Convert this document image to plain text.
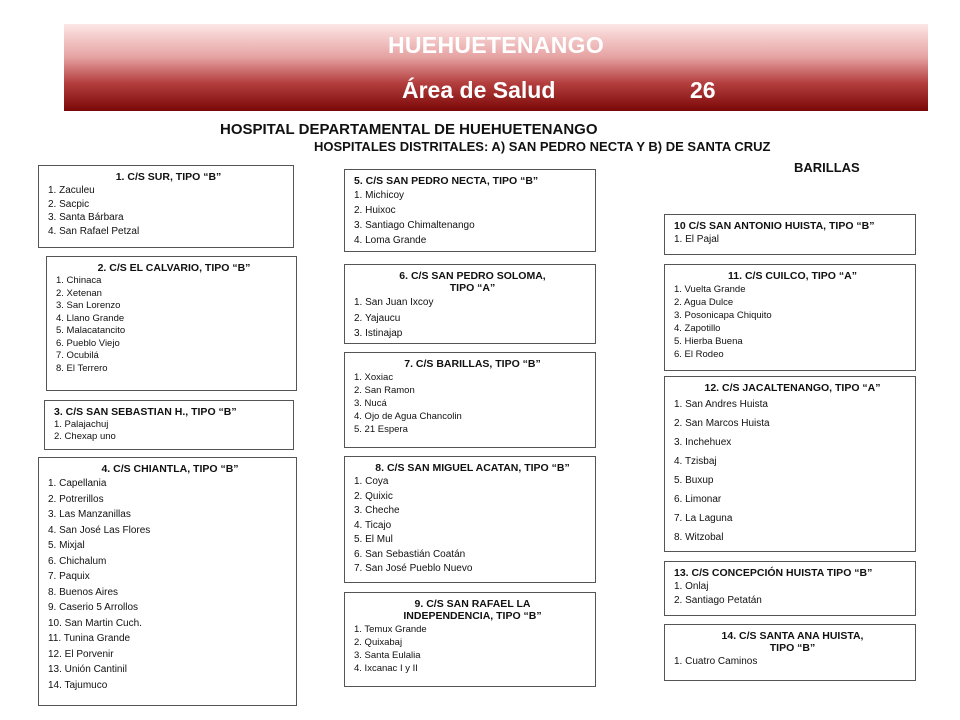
HUEHUETENANGO
Área de Salud	26
HOSPITAL DEPARTAMENTAL DE HUEHUETENANGO
HOSPITALES DISTRITALES: A) SAN PEDRO NECTA Y B) DE SANTA CRUZ
BARILLAS
1. C/S SUR, TIPO “B”
1. Zaculeu
2. Sacpic
3. Santa Bárbara
4. San Rafael Petzal
2. C/S EL CALVARIO, TIPO “B”
1. Chinaca
2. Xetenan
3. San Lorenzo
4. Llano Grande
5. Malacatancito
6. Pueblo Viejo
7. Ocubilá
8. El Terrero
3. C/S SAN SEBASTIAN H., TIPO “B”
1. Palajachuj
2. Chexap uno
4. C/S CHIANTLA, TIPO “B”
1. Capellania
2. Potrerillos
3. Las Manzanillas
4. San José Las Flores
5. Mixjal
6. Chichalum
7. Paquix
8. Buenos Aires
9. Caserio 5 Arrollos
10. San Martin Cuch.
11. Tunina Grande
12. El Porvenir
13. Unión Cantinil
14. Tajumuco
5. C/S SAN PEDRO NECTA, TIPO “B”
1. Michicoy
2. Huixoc
3. Santiago Chimaltenango
4. Loma Grande
6. C/S SAN PEDRO SOLOMA,
TIPO “A”
1. San Juan Ixcoy
2. Yajaucu
3. Istinajap
7. C/S BARILLAS, TIPO “B”
1. Xoxiac
2. San Ramon
3. Nucá
4. Ojo de Agua Chancolin
5. 21 Espera
8. C/S SAN MIGUEL ACATAN, TIPO “B”
1. Coya
2. Quixic
3. Cheche
4. Ticajo
5. El Mul
6. San Sebastián Coatán
7. San José Pueblo Nuevo
9. C/S SAN RAFAEL LA
INDEPENDENCIA, TIPO “B”
1. Temux Grande
2. Quixabaj
3. Santa Eulalia
4. Ixcanac I y II
10 C/S SAN ANTONIO HUISTA, TIPO “B”
1. El Pajal
11. C/S CUILCO, TIPO “A”
1. Vuelta Grande
2. Agua Dulce
3. Posonicapa Chiquito
4. Zapotillo
5. Hierba Buena
6. El Rodeo
12. C/S JACALTENANGO, TIPO “A”
1. San Andres Huista
2. San Marcos Huista
3. Inchehuex
4. Tzisbaj
5. Buxup
6. Limonar
7. La Laguna
8. Witzobal
13. C/S CONCEPCIÓN HUISTA TIPO “B”
1. Onlaj
2. Santiago Petatán
14. C/S SANTA ANA HUISTA,
TIPO “B”
1. Cuatro Caminos
